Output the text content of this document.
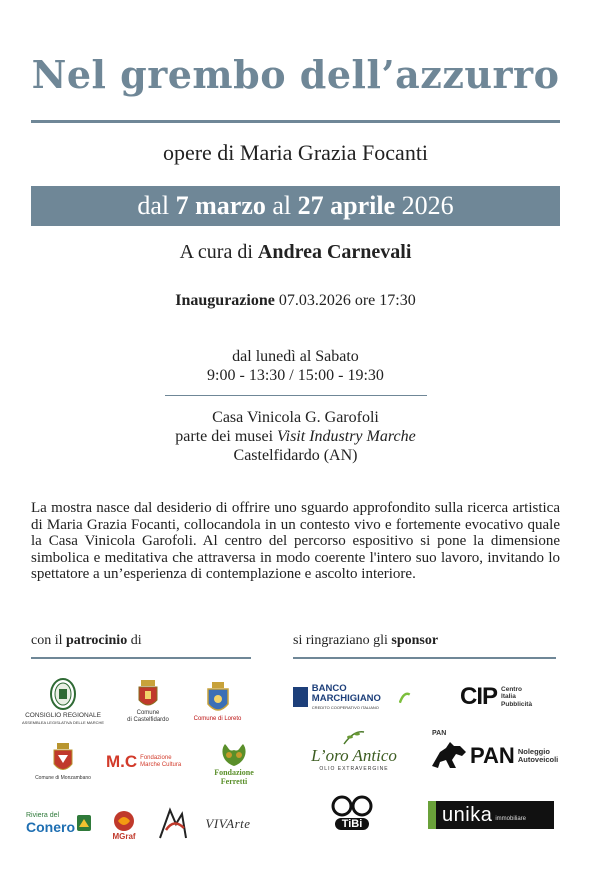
Nel grembo dell’azzurro
opere di Maria Grazia Focanti
dal 7 marzo al 27 aprile 2026
A cura di Andrea Carnevali
Inaugurazione 07.03.2026 ore 17:30
dal lunedì al Sabato
9:00 - 13:30 / 15:00 - 19:30
Casa Vinicola G. Garofoli
parte dei musei Visit Industry Marche
Castelfidardo (AN)
La mostra nasce dal desiderio di offrire uno sguardo approfondito sulla ricerca artistica di Maria Grazia Focanti, collocandola in un contesto vivo e fortemente evocativo quale la Casa Vinicola Garofoli. Al centro del percorso espositivo si pone la dimensione simbolica e meditativa che attraversa in modo coerente l'intero suo lavoro, invitando lo spettatore a un’esperienza di contemplazione e ascolto interiore.
con il patrocinio di	si ringraziano gli sponsor
CONSIGLIO REGIONALE
ASSEMBLEA LEGISLATIVA DELLE MARCHE
Comune
di Castelfidardo	Comune di Loreto
Comune di Monzambano
M.C Fondazione
Marche Cultura
Fondazione
Ferretti
Riviera del
Conero
MGraf
VIVArte
BANCO MARCHIGIANO
CREDITO COOPERATIVO ITALIANO	CIP Centro
Italia
Pubblicità
L’oro Antico
OLIO EXTRAVERGINE
PAN
PAN Noleggio
Autoveicoli
TiBi	unika immobiliare
